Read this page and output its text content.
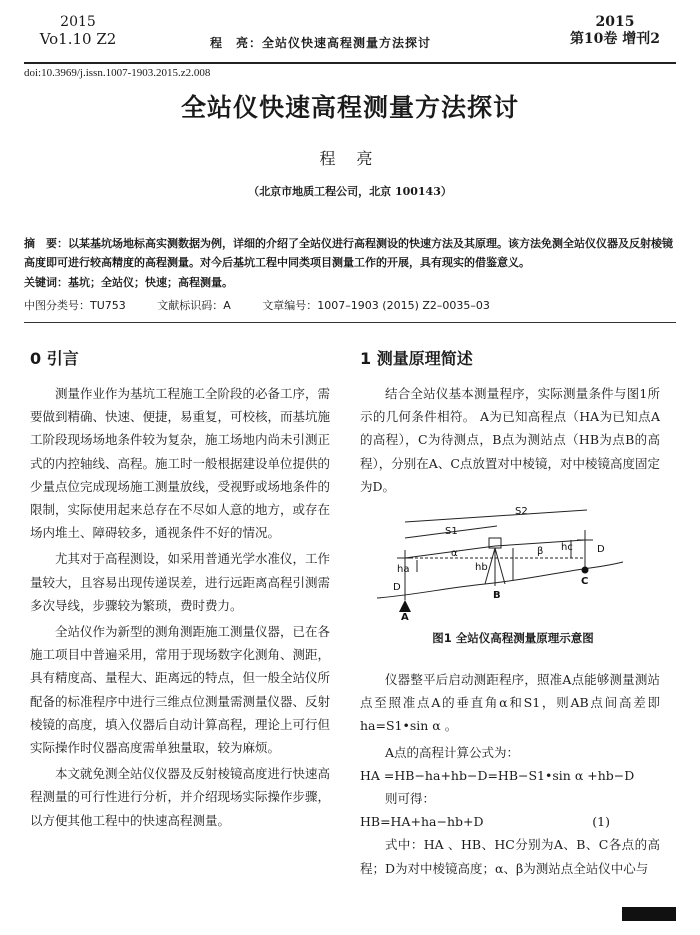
2015
Vo1.10 Z2	程　亮：全站仪快速高程测量方法探讨
2015
第10卷 增刊2
doi:10.3969/j.issn.1007-1903.2015.z2.008
全站仪快速高程测量方法探讨
程 亮
（北京市地质工程公司，北京 100143）
摘　要：以某基坑场地标高实测数据为例，详细的介绍了全站仪进行高程测设的快速方法及其原理。该方法免测全站仪仪器及反射棱镜高度即可进行较高精度的高程测量。对今后基坑工程中同类项目测量工作的开展，具有现实的借鉴意义。
关键词：基坑；全站仪；快速；高程测量。
中图分类号：TU753	文献标识码：A	文章编号：1007–1903 (2015) Z2–0035–03
0 引言

测量作业作为基坑工程施工全阶段的必备工序，需要做到精确、快速、便捷，易重复，可校核，而基坑施工阶段现场场地条件较为复杂，施工场地内尚未引测正式的内控轴线、高程。施工时一般根据建设单位提供的少量点位完成现场施工测量放线，受视野或场地条件的限制，实际使用起来总存在不尽如人意的地方，或存在场内堆土、障碍较多，通视条件不好的情况。

尤其对于高程测设，如采用普通光学水准仪，工作量较大，且容易出现传递误差，进行远距离高程引测需多次导线，步骤较为繁琐，费时费力。

全站仪作为新型的测角测距施工测量仪器，已在各施工项目中普遍采用，常用于现场数字化测角、测距，具有精度高、量程大、距离远的特点，但一般全站仪所配备的标准程序中进行三维点位测量需测量仪器、反射棱镜的高度，填入仪器后自动计算高程，理论上可行但实际操作时仪器高度需单独量取，较为麻烦。

本文就免测全站仪仪器及反射棱镜高度进行快速高程测量的可行性进行分析，并介绍现场实际操作步骤，以方便其他工程中的快速高程测量。

1 测量原理简述

结合全站仪基本测量程序，实际测量条件与图1所示的几何条件相符。 A为已知高程点（HA为已知点A的高程），C为待测点，B点为测站点（HB为点B的高程），分别在A、C点放置对中棱镜，对中棱镜高度固定为D。

S1
S2
ha	hb
hc
D
D
α	β
A
B
C
图1 全站仪高程测量原理示意图

仪器整平后启动测距程序，照准A点能够测量测站点至照准点A的垂直角α和S1，则AB点间高差即ha=S1•sin α 。

A点的高程计算公式为：

HA =HB−ha+hb−D=HB−S1•sin α +hb−D

则可得：

HB=HA+ha−hb+D	(1)

式中：HA 、HB、HC分别为A、B、C各点的高程；D为对中棱镜高度；α、β为测站点全站仪中心与
